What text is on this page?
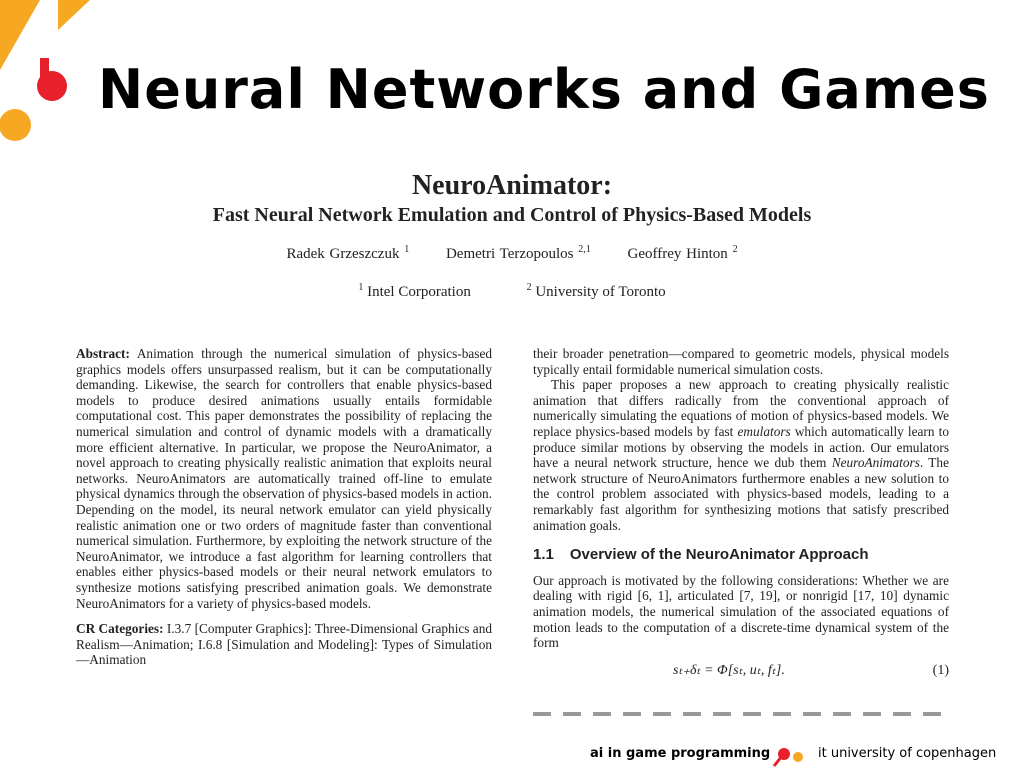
Neural Networks and Games
NeuroAnimator:
Fast Neural Network Emulation and Control of Physics-Based Models
Radek Grzeszczuk $^1$ Demetri Terzopoulos $^{2,1}$ Geoffrey Hinton $^2$
$^1$ Intel Corporation	$^2$ University of Toronto

Abstract: Animation through the numerical simulation of physics-based graphics models offers unsurpassed realism, but it can be computationally demanding. Likewise, the search for controllers that enable physics-based models to produce desired animations usually entails formidable computational cost. This paper demonstrates the possibility of replacing the numerical simulation and control of dynamic models with a dramatically more efficient alternative. In particular, we propose the NeuroAnimator, a novel approach to creating physically realistic animation that exploits neural networks. NeuroAnimators are automatically trained off-line to emulate physical dynamics through the observation of physics-based models in action. Depending on the model, its neural network emulator can yield physically realistic animation one or two orders of magnitude faster than conventional numerical simulation. Furthermore, by exploiting the network structure of the NeuroAnimator, we introduce a fast algorithm for learning controllers that enables either physics-based models or their neural network emulators to synthesize motions satisfying prescribed animation goals. We demonstrate NeuroAnimators for a variety of physics-based models.

CR Categories: I.3.7 [Computer Graphics]: Three-Dimensional Graphics and Realism—Animation; I.6.8 [Simulation and Modeling]: Types of Simulation—Animation

their broader penetration—compared to geometric models, physical models typically entail formidable numerical simulation costs.

This paper proposes a new approach to creating physically realistic animation that differs radically from the conventional approach of numerically simulating the equations of motion of physics-based models. We replace physics-based models by fast emulators which automatically learn to produce similar motions by observing the models in action. Our emulators have a neural network structure, hence we dub them NeuroAnimators. The network structure of NeuroAnimators furthermore enables a new solution to the control problem associated with physics-based models, leading to a remarkably fast algorithm for synthesizing motions that satisfy prescribed animation goals.

1.1 Overview of the NeuroAnimator Approach

Our approach is motivated by the following considerations: Whether we are dealing with rigid [6, 1], articulated [7, 19], or nonrigid [17, 10] dynamic animation models, the numerical simulation of the associated equations of motion leads to the computation of a discrete-time dynamical system of the form

sₜ₊δₜ = Φ[sₜ, uₜ, fₜ].	(1)
ai in game programming	it university of copenhagen
